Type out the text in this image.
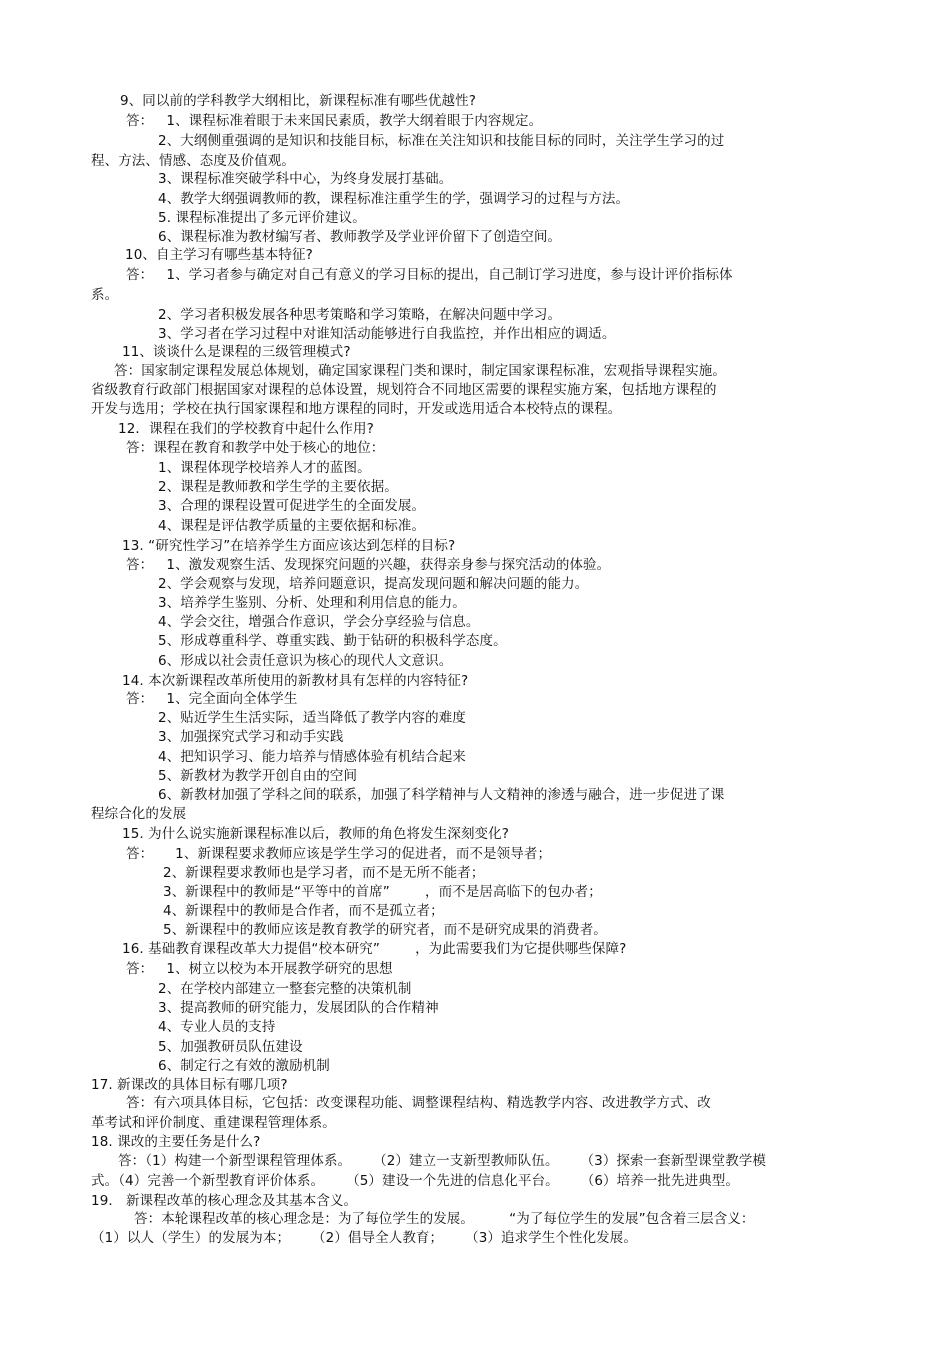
9、同以前的学科教学大纲相比，新课程标准有哪些优越性?
答：   1、课程标准着眼于未来国民素质，教学大纲着眼于内容规定。
2、大纲侧重强调的是知识和技能目标，标准在关注知识和技能目标的同时，关注学生学习的过
程、方法、情感、态度及价值观。
3、课程标准突破学科中心，为终身发展打基础。
4、教学大纲强调教师的教，课程标准注重学生的学，强调学习的过程与方法。
5. 课程标准提出了多元评价建议。
6、课程标准为教材编写者、教师教学及学业评价留下了创造空间。
10、自主学习有哪些基本特征?
答：   1、学习者参与确定对自己有意义的学习目标的提出，自己制订学习进度，参与设计评价指标体
系。
2、学习者积极发展各种思考策略和学习策略，在解决问题中学习。
3、学习者在学习过程中对谁知活动能够进行自我监控，并作出相应的调适。
11、谈谈什么是课程的三级管理模式?
答：国家制定课程发展总体规划，确定国家课程门类和课时，制定国家课程标准，宏观指导课程实施。
省级教育行政部门根据国家对课程的总体设置，规划符合不同地区需要的课程实施方案，包括地方课程的
开发与选用；学校在执行国家课程和地方课程的同时，开发或选用适合本校特点的课程。
12．课程在我们的学校教育中起什么作用?
答：课程在教育和教学中处于核心的地位：
1、课程体现学校培养人才的蓝图。
2、课程是教师教和学生学的主要依据。
3、合理的课程设置可促进学生的全面发展。
4、课程是评估教学质量的主要依据和标准。
13. “研究性学习”在培养学生方面应该达到怎样的目标?
答：   1、激发观察生活、发现探究问题的兴趣，获得亲身参与探究活动的体验。
2、学会观察与发现，培养问题意识，提高发现问题和解决问题的能力。
3、培养学生鉴别、分析、处理和利用信息的能力。
4、学会交往，增强合作意识，学会分享经验与信息。
5、形成尊重科学、尊重实践、勤于钻研的积极科学态度。
6、形成以社会责任意识为核心的现代人文意识。
14. 本次新课程改革所使用的新教材具有怎样的内容特征?
答：   1、完全面向全体学生
2、贴近学生生活实际，适当降低了教学内容的难度
3、加强探究式学习和动手实践
4、把知识学习、能力培养与情感体验有机结合起来
5、新教材为教学开创自由的空间
6、新教材加强了学科之间的联系，加强了科学精神与人文精神的渗透与融合，进一步促进了课
程综合化的发展
15. 为什么说实施新课程标准以后，教师的角色将发生深刻变化?
答：     1、新课程要求教师应该是学生学习的促进者，而不是领导者；
2、新课程要求教师也是学习者，而不是无所不能者；
3、新课程中的教师是“平等中的首席”        ，而不是居高临下的包办者；
4、新课程中的教师是合作者，而不是孤立者；
5、新课程中的教师应该是教育教学的研究者，而不是研究成果的消费者。
16. 基础教育课程改革大力提倡“校本研究”        ，为此需要我们为它提供哪些保障?
答：   1、树立以校为本开展教学研究的思想
2、在学校内部建立一整套完整的决策机制
3、提高教师的研究能力，发展团队的合作精神
4、专业人员的支持
5、加强教研员队伍建设
6、制定行之有效的激励机制
17. 新课改的具体目标有哪几项?
答：有六项具体目标，它包括：改变课程功能、调整课程结构、精选教学内容、改进教学方式、改
革考试和评价制度、重建课程管理体系。
18. 课改的主要任务是什么?
答：（1）构建一个新型课程管理体系。     （2）建立一支新型教师队伍。     （3）探索一套新型课堂教学模
式。（4）完善一个新型教育评价体系。     （5）建设一个先进的信息化平台。     （6）培养一批先进典型。
19.   新课程改革的核心理念及其基本含义。
答：本轮课程改革的核心理念是：为了每位学生的发展。        “为了每位学生的发展”包含着三层含义：
（1）以人（学生）的发展为本；     （2）倡导全人教育；     （3）追求学生个性化发展。
